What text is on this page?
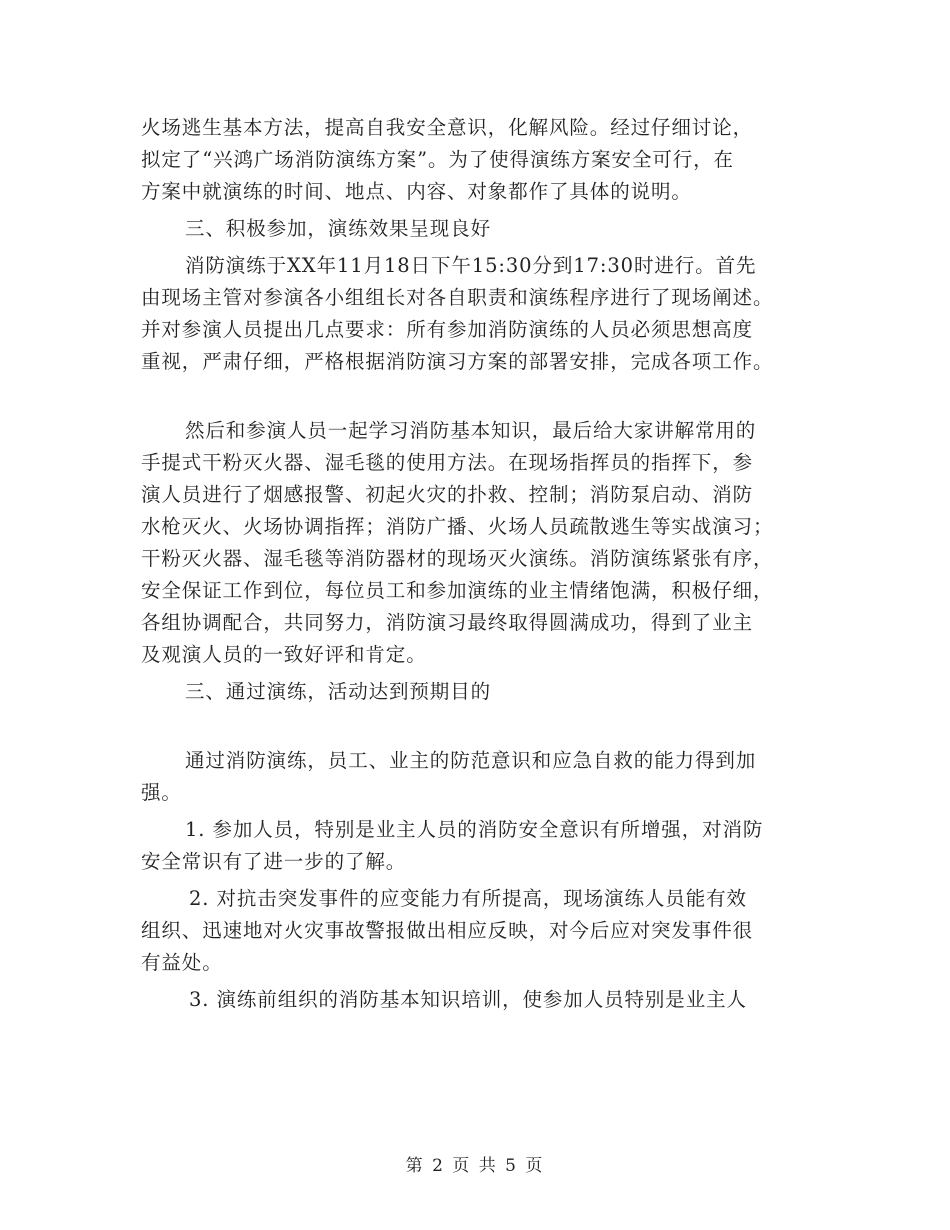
火场逃生基本方法，提高自我安全意识，化解风险。经过仔细讨论，
拟定了“兴鸿广场消防演练方案”。为了使得演练方案安全可行，在
方案中就演练的时间、地点、内容、对象都作了具体的说明。
三、积极参加，演练效果呈现良好
消防演练于XX年11月18日下午15:30分到17:30时进行。首先
由现场主管对参演各小组组长对各自职责和演练程序进行了现场阐述。
并对参演人员提出几点要求：所有参加消防演练的人员必须思想高度
重视，严肃仔细，严格根据消防演习方案的部署安排，完成各项工作。
然后和参演人员一起学习消防基本知识，最后给大家讲解常用的
手提式干粉灭火器、湿毛毯的使用方法。在现场指挥员的指挥下，参
演人员进行了烟感报警、初起火灾的扑救、控制；消防泵启动、消防
水枪灭火、火场协调指挥；消防广播、火场人员疏散逃生等实战演习；
干粉灭火器、湿毛毯等消防器材的现场灭火演练。消防演练紧张有序，
安全保证工作到位，每位员工和参加演练的业主情绪饱满，积极仔细，
各组协调配合，共同努力，消防演习最终取得圆满成功，得到了业主
及观演人员的一致好评和肯定。
三、通过演练，活动达到预期目的
通过消防演练，员工、业主的防范意识和应急自救的能力得到加
强。
1. 参加人员，特别是业主人员的消防安全意识有所增强，对消防
安全常识有了进一步的了解。
2. 对抗击突发事件的应变能力有所提高，现场演练人员能有效
组织、迅速地对火灾事故警报做出相应反映，对今后应对突发事件很
有益处。
3. 演练前组织的消防基本知识培训，使参加人员特别是业主人
第 2 页 共 5 页
